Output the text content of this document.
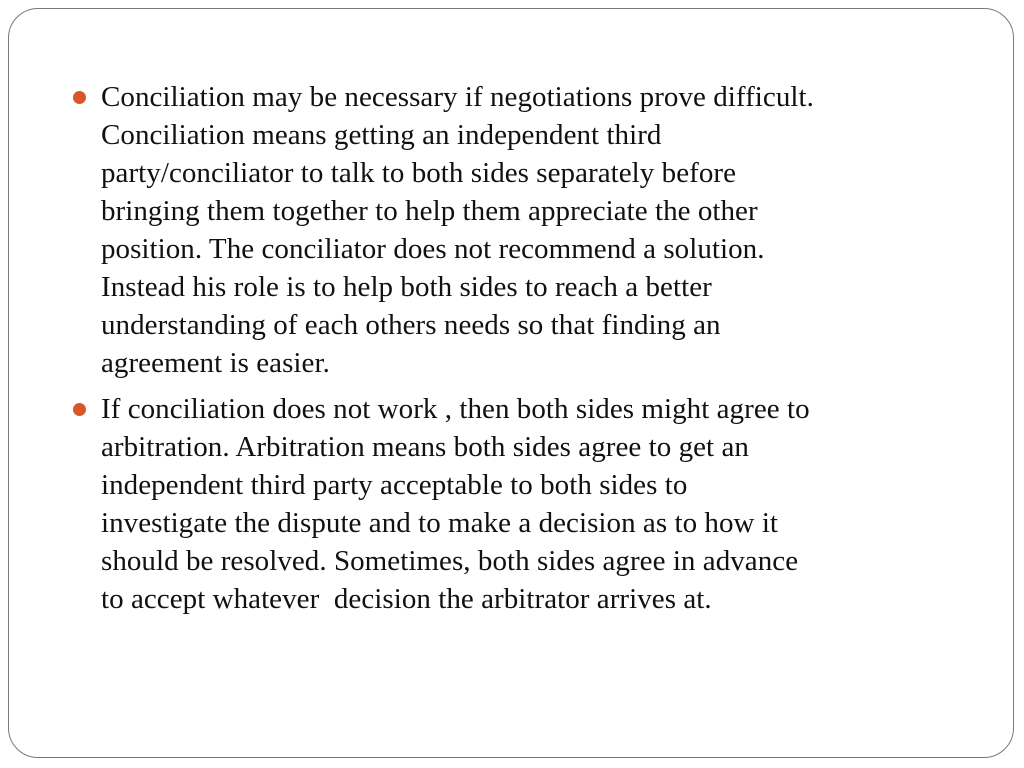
Conciliation may be necessary if negotiations prove difficult.
Conciliation means getting an independent third
party/conciliator to talk to both sides separately before
bringing them together to help them appreciate the other
position. The conciliator does not recommend a solution.
Instead his role is to help both sides to reach a better
understanding of each others needs so that finding an
agreement is easier.
If conciliation does not work , then both sides might agree to
arbitration. Arbitration means both sides agree to get an
independent third party acceptable to both sides to
investigate the dispute and to make a decision as to how it
should be resolved. Sometimes, both sides agree in advance
to accept whatever  decision the arbitrator arrives at.
